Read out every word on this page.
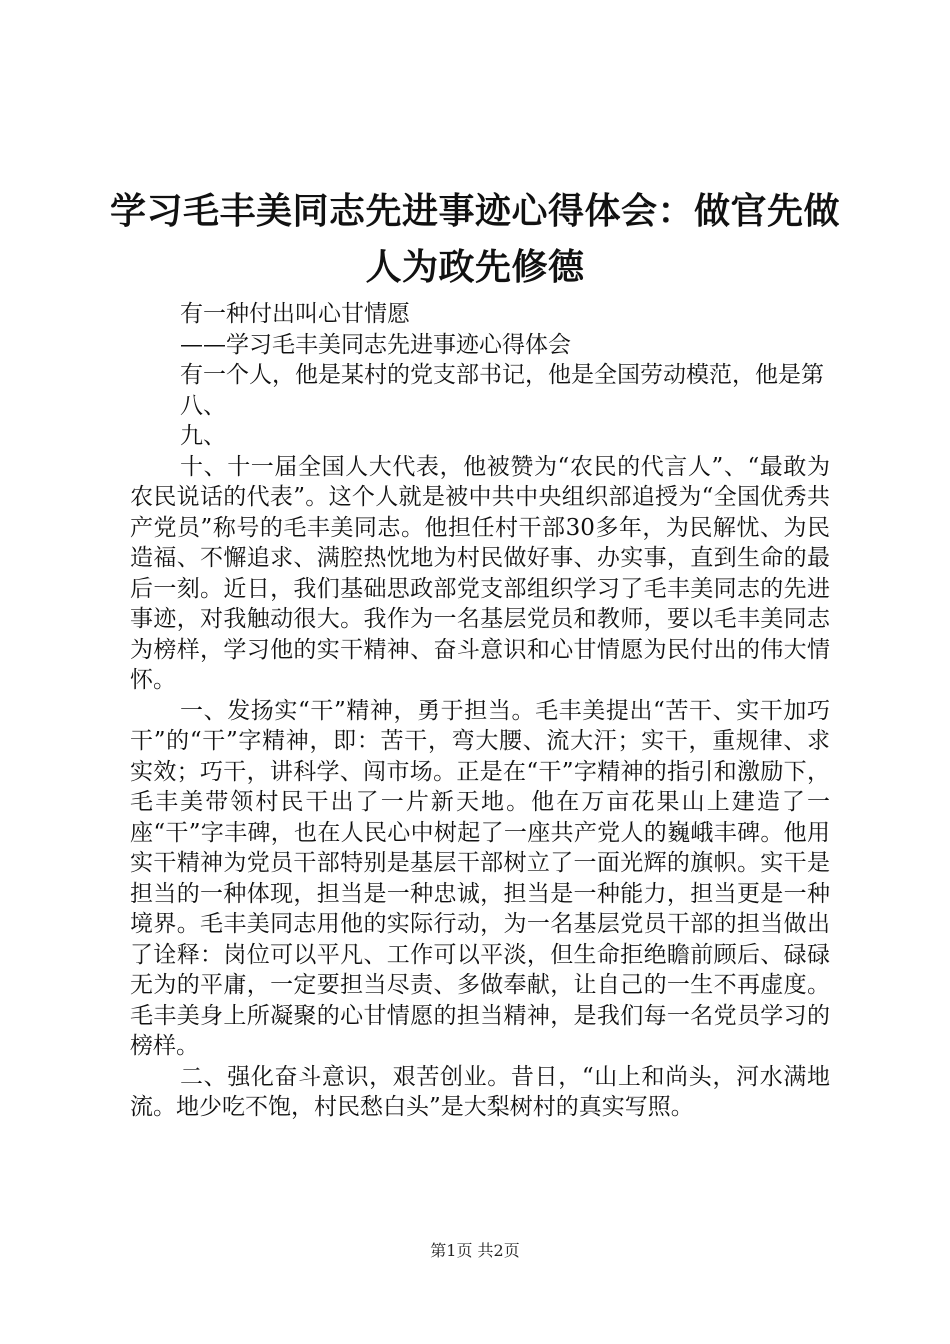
学习毛丰美同志先进事迹心得体会：做官先做
人为政先修德

有一种付出叫心甘情愿

——学习毛丰美同志先进事迹心得体会

有一个人，他是某村的党支部书记，他是全国劳动模范，他是第

八、

九、

十、十一届全国人大代表，他被赞为“农民的代言人”、“最敢为农民说话的代表”。这个人就是被中共中央组织部追授为“全国优秀共产党员”称号的毛丰美同志。他担任村干部30多年，为民解忧、为民造福、不懈追求、满腔热忱地为村民做好事、办实事，直到生命的最后一刻。近日，我们基础思政部党支部组织学习了毛丰美同志的先进事迹，对我触动很大。我作为一名基层党员和教师，要以毛丰美同志为榜样，学习他的实干精神、奋斗意识和心甘情愿为民付出的伟大情怀。

一、发扬实“干”精神，勇于担当。毛丰美提出“苦干、实干加巧干”的“干”字精神，即：苦干，弯大腰、流大汗；实干，重规律、求实效；巧干，讲科学、闯市场。正是在“干”字精神的指引和激励下，毛丰美带领村民干出了一片新天地。他在万亩花果山上建造了一座“干”字丰碑，也在人民心中树起了一座共产党人的巍峨丰碑。他用实干精神为党员干部特别是基层干部树立了一面光辉的旗帜。实干是担当的一种体现，担当是一种忠诚，担当是一种能力，担当更是一种境界。毛丰美同志用他的实际行动，为一名基层党员干部的担当做出了诠释：岗位可以平凡、工作可以平淡，但生命拒绝瞻前顾后、碌碌无为的平庸，一定要担当尽责、多做奉献，让自己的一生不再虚度。毛丰美身上所凝聚的心甘情愿的担当精神，是我们每一名党员学习的榜样。

二、强化奋斗意识，艰苦创业。昔日，“山上和尚头，河水满地流。地少吃不饱，村民愁白头”是大梨树村的真实写照。

第1页 共2页
